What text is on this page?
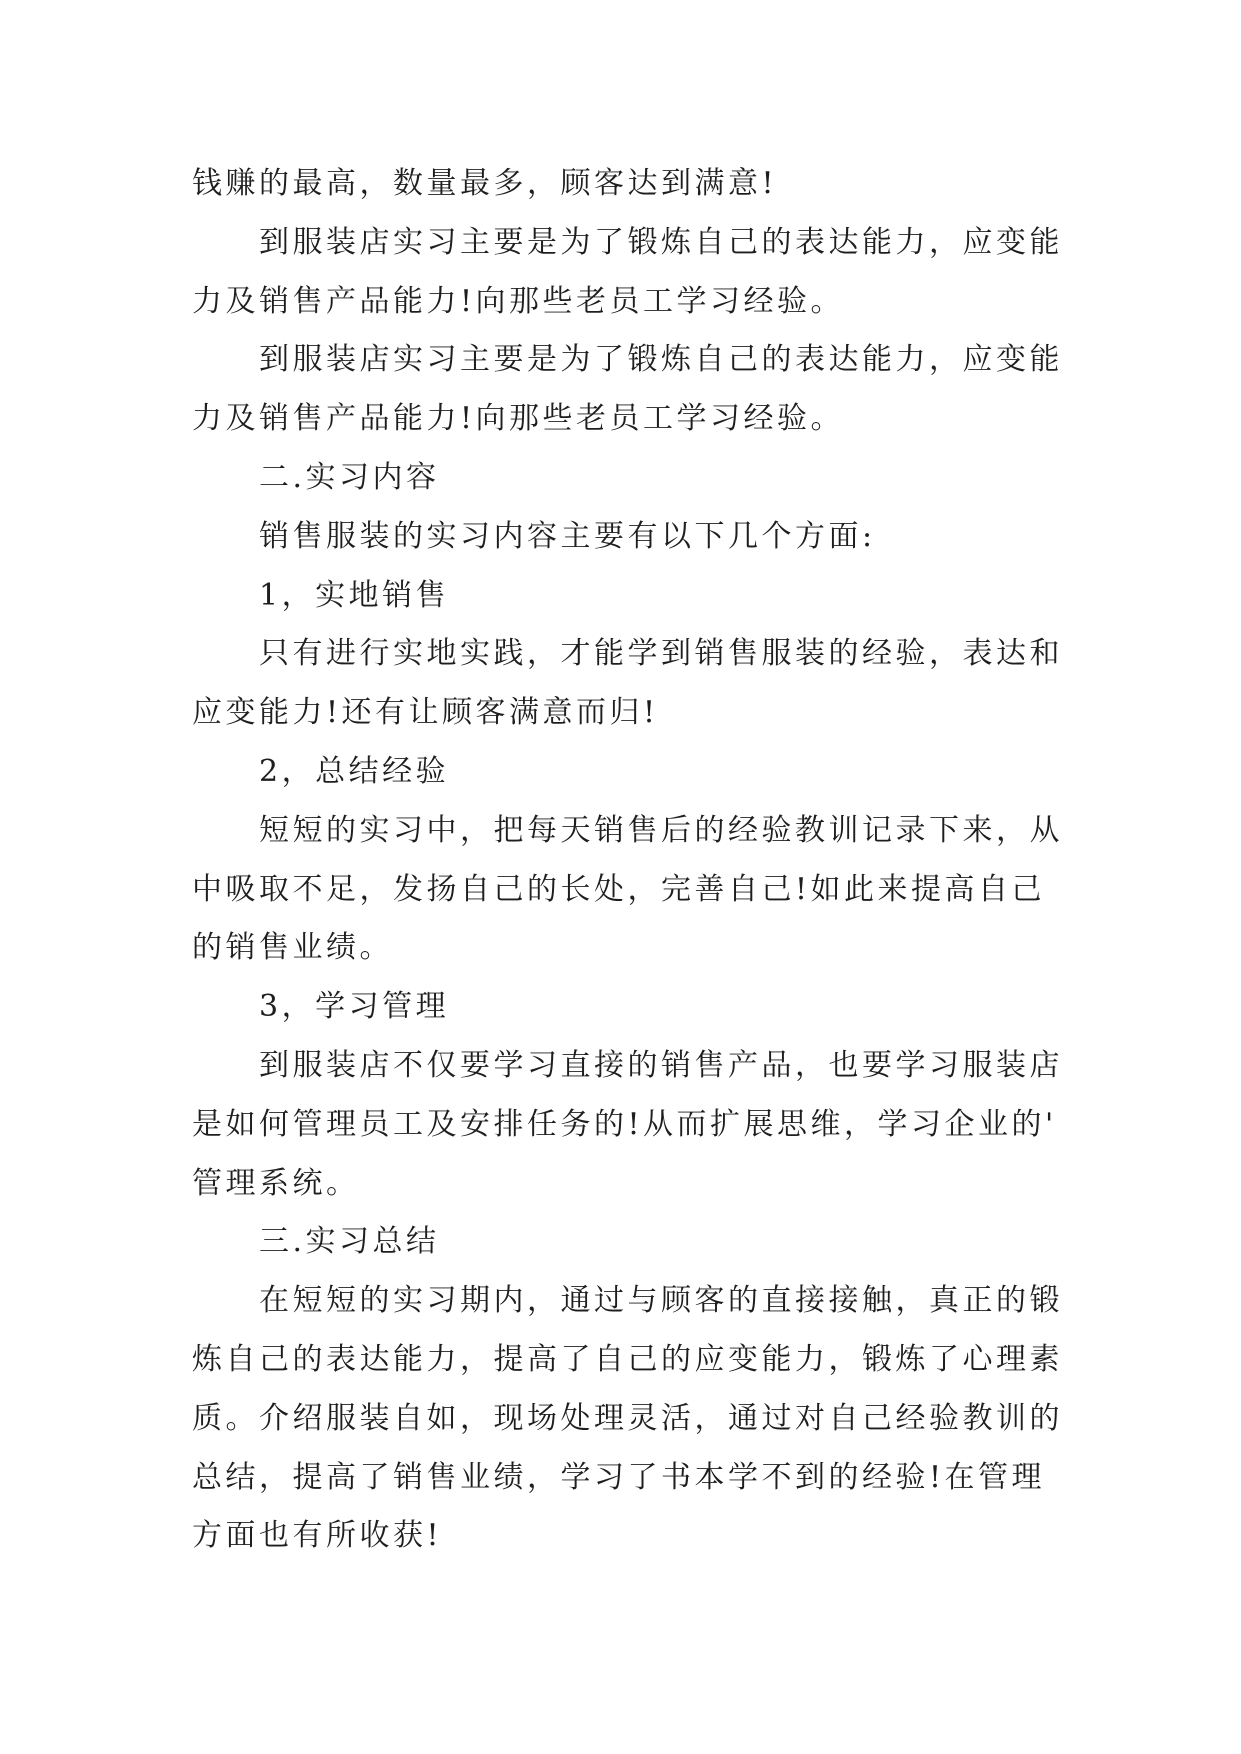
钱赚的最高，数量最多，顾客达到满意!
到服装店实习主要是为了锻炼自己的表达能力，应变能
力及销售产品能力!向那些老员工学习经验。
到服装店实习主要是为了锻炼自己的表达能力，应变能
力及销售产品能力!向那些老员工学习经验。
二.实习内容
销售服装的实习内容主要有以下几个方面:
1，实地销售
只有进行实地实践，才能学到销售服装的经验，表达和
应变能力!还有让顾客满意而归!
2，总结经验
短短的实习中，把每天销售后的经验教训记录下来，从
中吸取不足，发扬自己的长处，完善自己!如此来提高自己
的销售业绩。
3，学习管理
到服装店不仅要学习直接的销售产品，也要学习服装店
是如何管理员工及安排任务的!从而扩展思维，学习企业的'
管理系统。
三.实习总结
在短短的实习期内，通过与顾客的直接接触，真正的锻
炼自己的表达能力，提高了自己的应变能力，锻炼了心理素
质。介绍服装自如，现场处理灵活，通过对自己经验教训的
总结，提高了销售业绩，学习了书本学不到的经验!在管理
方面也有所收获!
